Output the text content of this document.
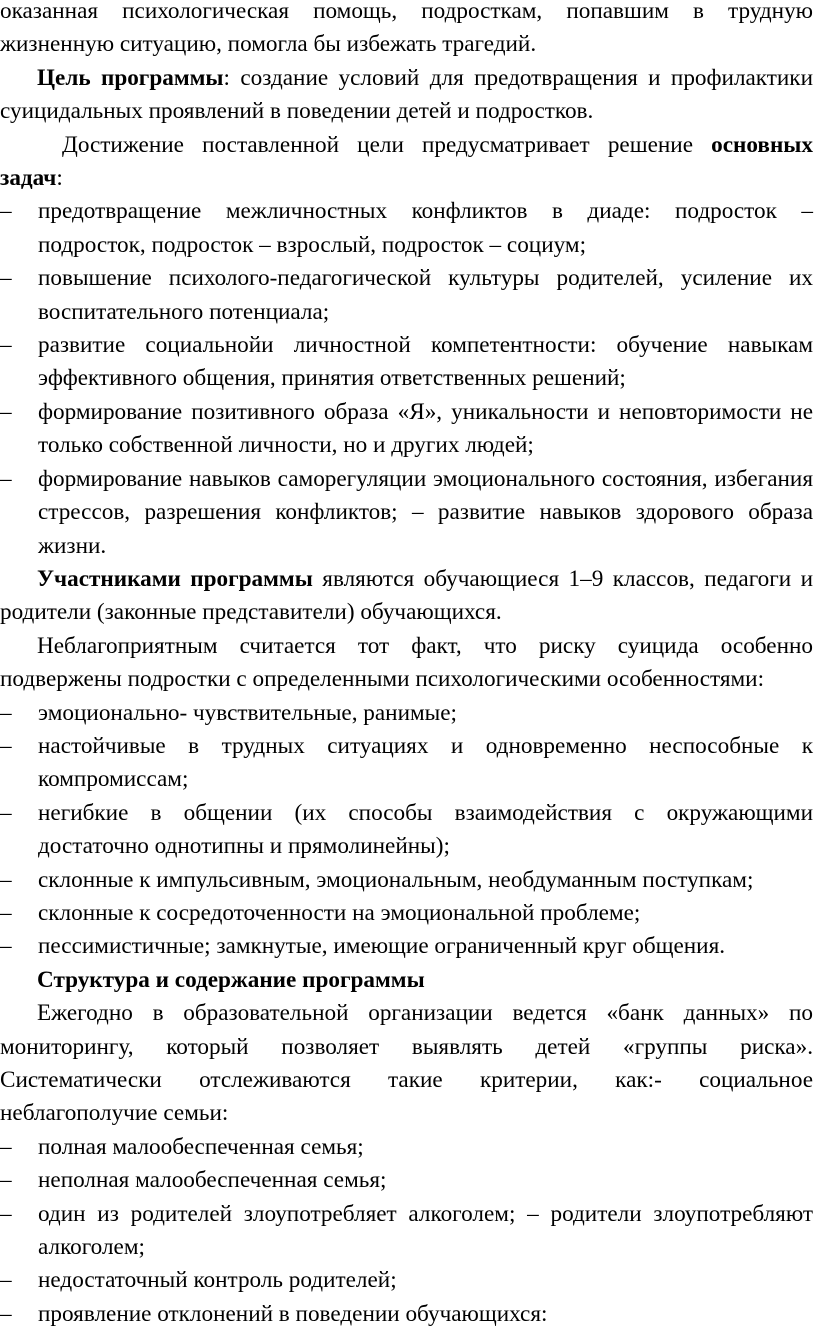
оказанная психологическая помощь, подросткам, попавшим в трудную жизненную ситуацию, помогла бы избежать трагедий.

Цель программы: создание условий для предотвращения и профилактики суицидальных проявлений в поведении детей и подростков.

Достижение поставленной цели предусматривает решение основных задач:

– предотвращение межличностных конфликтов в диаде: подросток – подросток, подросток – взрослый, подросток – социум;
– повышение психолого-педагогической культуры родителей, усиление их воспитательного потенциала;
– развитие социальнойи личностной компетентности: обучение навыкам эффективного общения, принятия ответственных решений;
– формирование позитивного образа «Я», уникальности и неповторимости не только собственной личности, но и других людей;
– формирование навыков саморегуляции эмоционального состояния, избегания стрессов, разрешения конфликтов; – развитие навыков здорового образа жизни.

Участниками программы являются обучающиеся 1–9 классов, педагоги и родители (законные представители) обучающихся.

Неблагоприятным считается тот факт, что риску суицида особенно подвержены подростки с определенными психологическими особенностями:

– эмоционально- чувствительные, ранимые;
– настойчивые в трудных ситуациях и одновременно неспособные к компромиссам;
– негибкие в общении (их способы взаимодействия с окружающими достаточно однотипны и прямолинейны);
– склонные к импульсивным, эмоциональным, необдуманным поступкам;
– склонные к сосредоточенности на эмоциональной проблеме;
– пессимистичные; замкнутые, имеющие ограниченный круг общения.

Структура и содержание программы

Ежегодно в образовательной организации ведется «банк данных» по мониторингу, который позволяет выявлять детей «группы риска». Систематически отслеживаются такие критерии, как:- социальное неблагополучие семьи:

– полная малообеспеченная семья;
– неполная малообеспеченная семья;
– один из родителей злоупотребляет алкоголем; – родители злоупотребляют алкоголем;
– недостаточный контроль родителей;
– проявление отклонений в поведении обучающихся:
